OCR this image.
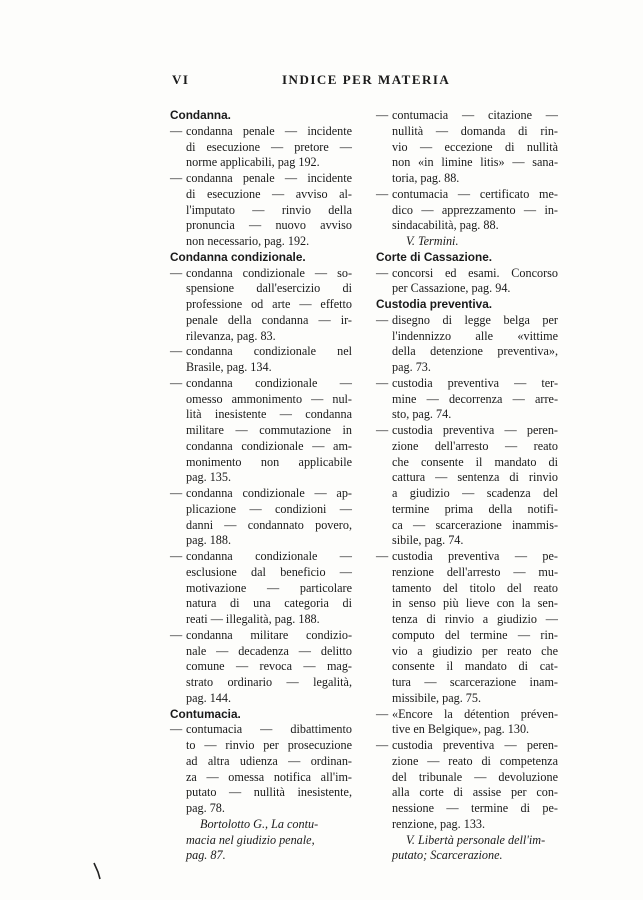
VI	INDICE PER MATERIA
Condanna.
— condanna penale — incidente
di esecuzione — pretore —
norme applicabili, pag 192.
— condanna penale — incidente
di esecuzione — avviso al-
l'imputato — rinvio della
pronuncia — nuovo avviso
non necessario, pag. 192.
Condanna condizionale.
— condanna condizionale — so-
spensione dall'esercizio di
professione od arte — effetto
penale della condanna — ir-
rilevanza, pag. 83.
— condanna condizionale nel
Brasile, pag. 134.
— condanna condizionale —
omesso ammonimento — nul-
lità inesistente — condanna
militare — commutazione in
condanna condizionale — am-
monimento non applicabile
pag. 135.
— condanna condizionale — ap-
plicazione — condizioni —
danni — condannato povero,
pag. 188.
— condanna condizionale —
esclusione dal beneficio —
motivazione — particolare
natura di una categoria di
reati — illegalità, pag. 188.
— condanna militare condizio-
nale — decadenza — delitto
comune — revoca — mag-
strato ordinario — legalità,
pag. 144.
Contumacia.
— contumacia — dibattimento
to — rinvio per prosecuzione
ad altra udienza — ordinan-
za — omessa notifica all'im-
putato — nullità inesistente,
pag. 78.
Bortolotto G., La contu-
macia nel giudizio penale,
pag. 87.
— contumacia — citazione —
nullità — domanda di rin-
vio — eccezione di nullità
non «in limine litis» — sana-
toria, pag. 88.
— contumacia — certificato me-
dico — apprezzamento — in-
sindacabilità, pag. 88.
V. Termini.
Corte di Cassazione.
— concorsi ed esami. Concorso
per Cassazione, pag. 94.
Custodia preventiva.
— disegno di legge belga per
l'indennizzo alle «vittime
della detenzione preventiva»,
pag. 73.
— custodia preventiva — ter-
mine — decorrenza — arre-
sto, pag. 74.
— custodia preventiva — peren-
zione dell'arresto — reato
che consente il mandato di
cattura — sentenza di rinvio
a giudizio — scadenza del
termine prima della notifi-
ca — scarcerazione inammis-
sibile, pag. 74.
— custodia preventiva — pe-
renzione dell'arresto — mu-
tamento del titolo del reato
in senso più lieve con la sen-
tenza di rinvio a giudizio —
computo del termine — rin-
vio a giudizio per reato che
consente il mandato di cat-
tura — scarcerazione inam-
missibile, pag. 75.
— «Encore la détention préven-
tive en Belgique», pag. 130.
— custodia preventiva — peren-
zione — reato di competenza
del tribunale — devoluzione
alla corte di assise per con-
nessione — termine di pe-
renzione, pag. 133.
V. Libertà personale dell'im-
putato; Scarcerazione.
